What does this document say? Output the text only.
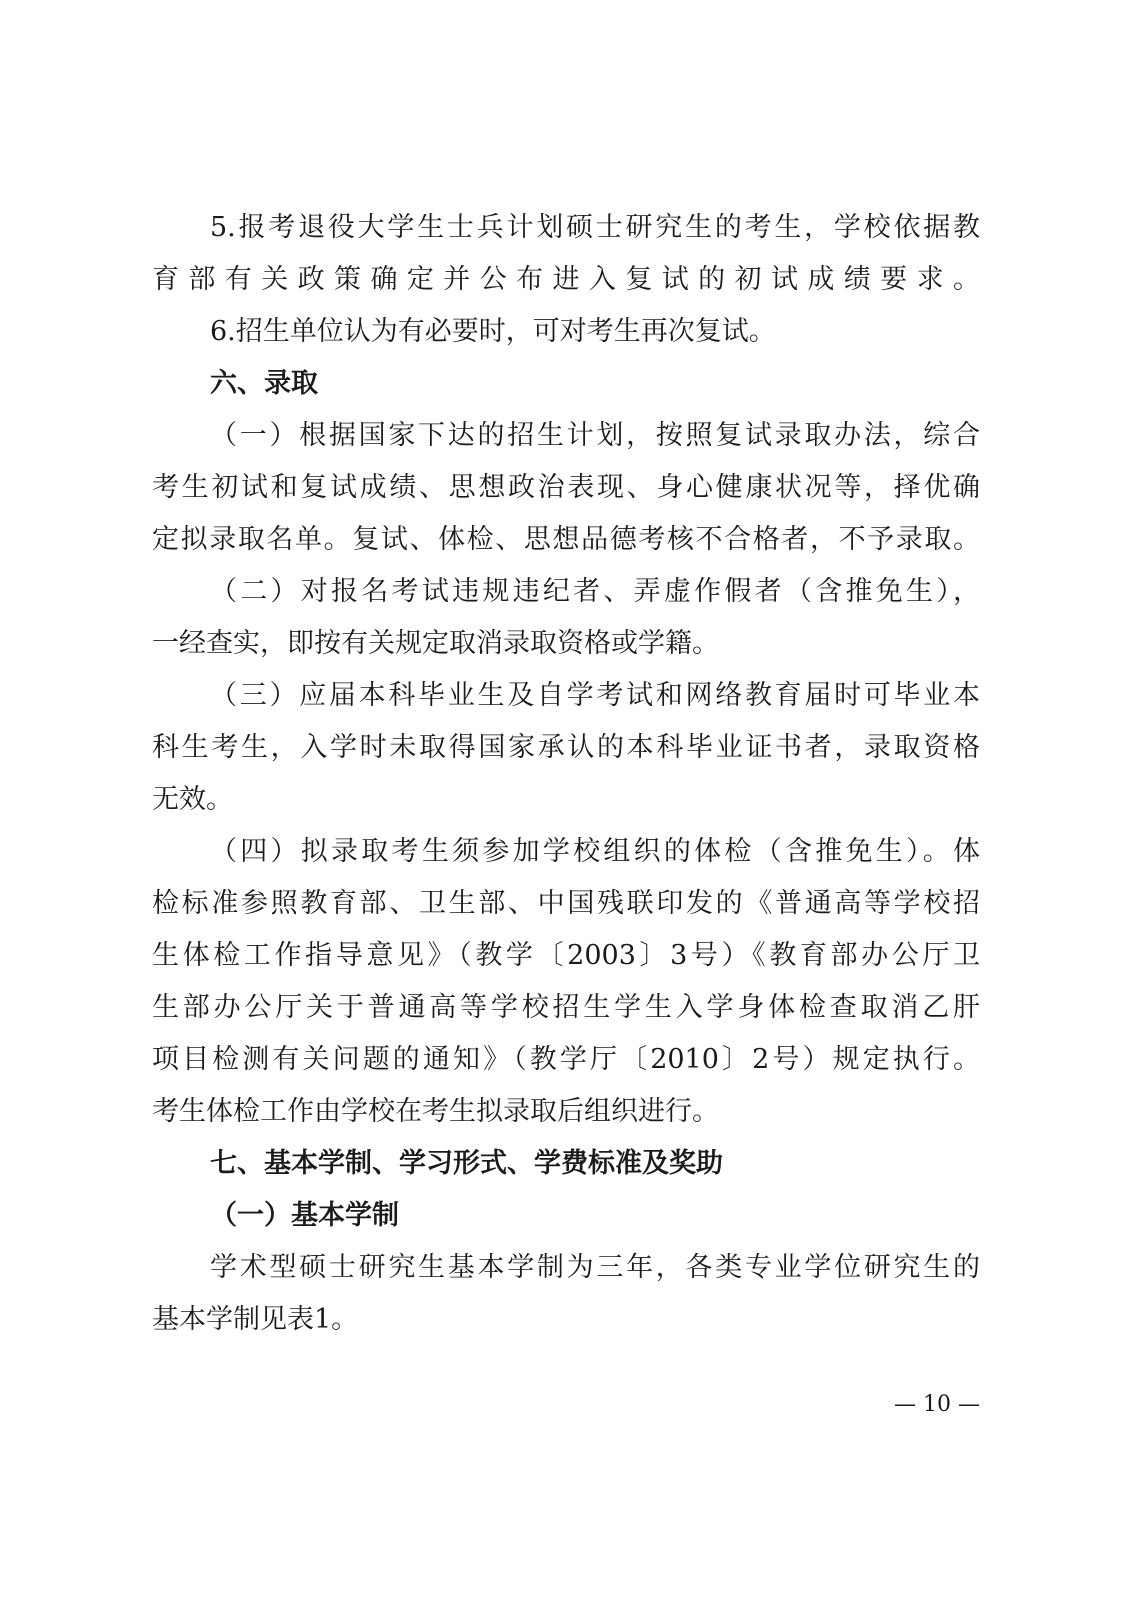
5.报考退役大学生士兵计划硕士研究生的考生，学校依据教
育部有关政策确定并公布进入复试的初试成绩要求。
6.招生单位认为有必要时，可对考生再次复试。
六、录取
（一）根据国家下达的招生计划，按照复试录取办法，综合
考生初试和复试成绩、思想政治表现、身心健康状况等，择优确
定拟录取名单。复试、体检、思想品德考核不合格者，不予录取。
（二）对报名考试违规违纪者、弄虚作假者（含推免生），
一经查实，即按有关规定取消录取资格或学籍。
（三）应届本科毕业生及自学考试和网络教育届时可毕业本
科生考生，入学时未取得国家承认的本科毕业证书者，录取资格
无效。
（四）拟录取考生须参加学校组织的体检（含推免生）。体
检标准参照教育部、卫生部、中国残联印发的《普通高等学校招
生体检工作指导意见》（教学〔2003〕3号）《教育部办公厅卫
生部办公厅关于普通高等学校招生学生入学身体检查取消乙肝
项目检测有关问题的通知》（教学厅〔2010〕2号）规定执行。
考生体检工作由学校在考生拟录取后组织进行。
七、基本学制、学习形式、学费标准及奖助
（一）基本学制
学术型硕士研究生基本学制为三年，各类专业学位研究生的
基本学制见表1。
— 10 —
